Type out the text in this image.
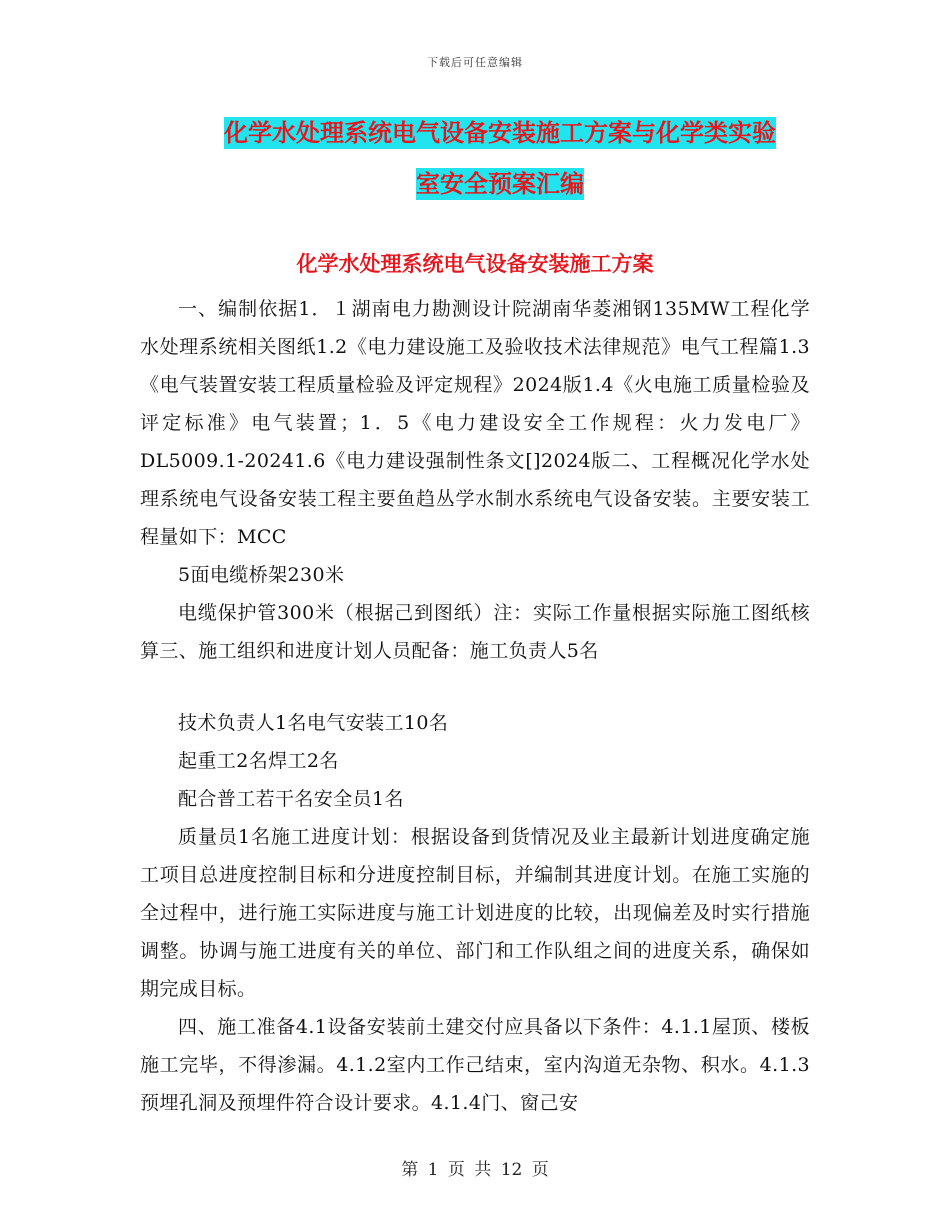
下载后可任意编辑
化学水处理系统电气设备安装施工方案与化学类实验
室安全预案汇编
化学水处理系统电气设备安装施工方案

一、编制依据1．１湖南电力勘测设计院湖南华菱湘钢135MW工程化学水处理系统相关图纸1.2《电力建设施工及验收技术法律规范》电气工程篇1.3《电气装置安装工程质量检验及评定规程》2024版1.4《火电施工质量检验及评定标准》电气装置；1．5《电力建设安全工作规程：火力发电厂》DL5009.1-20241.6《电力建设强制性条文[]2024版二、工程概况化学水处理系统电气设备安装工程主要鱼趋丛学水制水系统电气设备安装。主要安装工程量如下：MCC

5面电缆桥架230米

电缆保护管300米（根据己到图纸）注：实际工作量根据实际施工图纸核算三、施工组织和进度计划人员配备：施工负责人5名

技术负责人1名电气安装工10名

起重工2名焊工2名

配合普工若干名安全员1名

质量员1名施工进度计划：根据设备到货情况及业主最新计划进度确定施工项目总进度控制目标和分进度控制目标，并编制其进度计划。在施工实施的全过程中，进行施工实际进度与施工计划进度的比较，出现偏差及时实行措施调整。协调与施工进度有关的单位、部门和工作队组之间的进度关系，确保如期完成目标。

四、施工准备4.1设备安装前土建交付应具备以下条件：4.1.1屋顶、楼板施工完毕，不得渗漏。4.1.2室内工作己结束，室内沟道无杂物、积水。4.1.3预埋孔洞及预埋件符合设计要求。4.1.4门、窗己安

第 1 页 共 12 页
